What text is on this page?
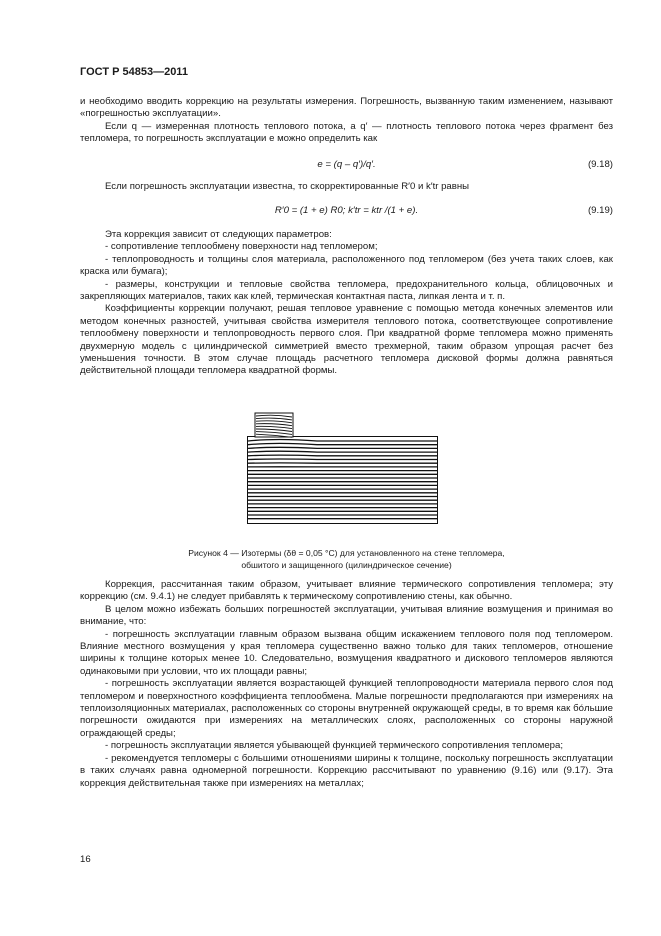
ГОСТ Р 54853—2011

и необходимо вводить коррекцию на результаты измерения. Погрешность, вызванную таким изменением, называют «погрешностью эксплуатации».

Если q — измеренная плотность теплового потока, а q′ — плотность теплового потока через фрагмент без тепломера, то погрешность эксплуатации e можно определить как

e = (q – q′)/q′.	(9.18)

Если погрешность эксплуатации известна, то скорректированные R′0 и k′tr равны

R′0 = (1 + e) R0; k′tr = ktr /(1 + e).	(9.19)

Эта коррекция зависит от следующих параметров:

- сопротивление теплообмену поверхности над тепломером;

- теплопроводность и толщины слоя материала, расположенного под тепломером (без учета таких слоев, как краска или бумага);

- размеры, конструкции и тепловые свойства тепломера, предохранительного кольца, облицовочных и закрепляющих материалов, таких как клей, термическая контактная паста, липкая лента и т. п.

Коэффициенты коррекции получают, решая тепловое уравнение с помощью метода конечных элементов или методом конечных разностей, учитывая свойства измерителя теплового потока, соответствующее сопротивление теплообмену поверхности и теплопроводность первого слоя. При квадратной форме тепломера можно применять двухмерную модель с цилиндрической симметрией вместо трехмерной, таким образом упрощая расчет без уменьшения точности. В этом случае площадь расчетного тепломера дисковой формы должна равняться действительной площади тепломера квадратной формы.

Рисунок 4 — Изотермы (δθ = 0,05 °С) для установленного на стене тепломера,
обшитого и защищенного (цилиндрическое сечение)

Коррекция, рассчитанная таким образом, учитывает влияние термического сопротивления тепломера; эту коррекцию (см. 9.4.1) не следует прибавлять к термическому сопротивлению стены, как обычно.

В целом можно избежать больших погрешностей эксплуатации, учитывая влияние возмущения и принимая во внимание, что:

- погрешность эксплуатации главным образом вызвана общим искажением теплового поля под тепломером. Влияние местного возмущения у края тепломера существенно важно только для таких тепломеров, отношение ширины к толщине которых менее 10. Следовательно, возмущения квадратного и дискового тепломеров являются одинаковыми при условии, что их площади равны;

- погрешность эксплуатации является возрастающей функцией теплопроводности материала первого слоя под тепломером и поверхностного коэффициента теплообмена. Малые погрешности предполагаются при измерениях на теплоизоляционных материалах, расположенных со стороны внутренней окружающей среды, в то время как бóльшие погрешности ожидаются при измерениях на металлических слоях, расположенных со стороны наружной ограждающей среды;

- погрешность эксплуатации является убывающей функцией термического сопротивления тепломера;

- рекомендуется тепломеры с большими отношениями ширины к толщине, поскольку погрешность эксплуатации в таких случаях равна одномерной погрешности. Коррекцию рассчитывают по уравнению (9.16) или (9.17). Эта коррекция действительная также при измерениях на металлах;

16
